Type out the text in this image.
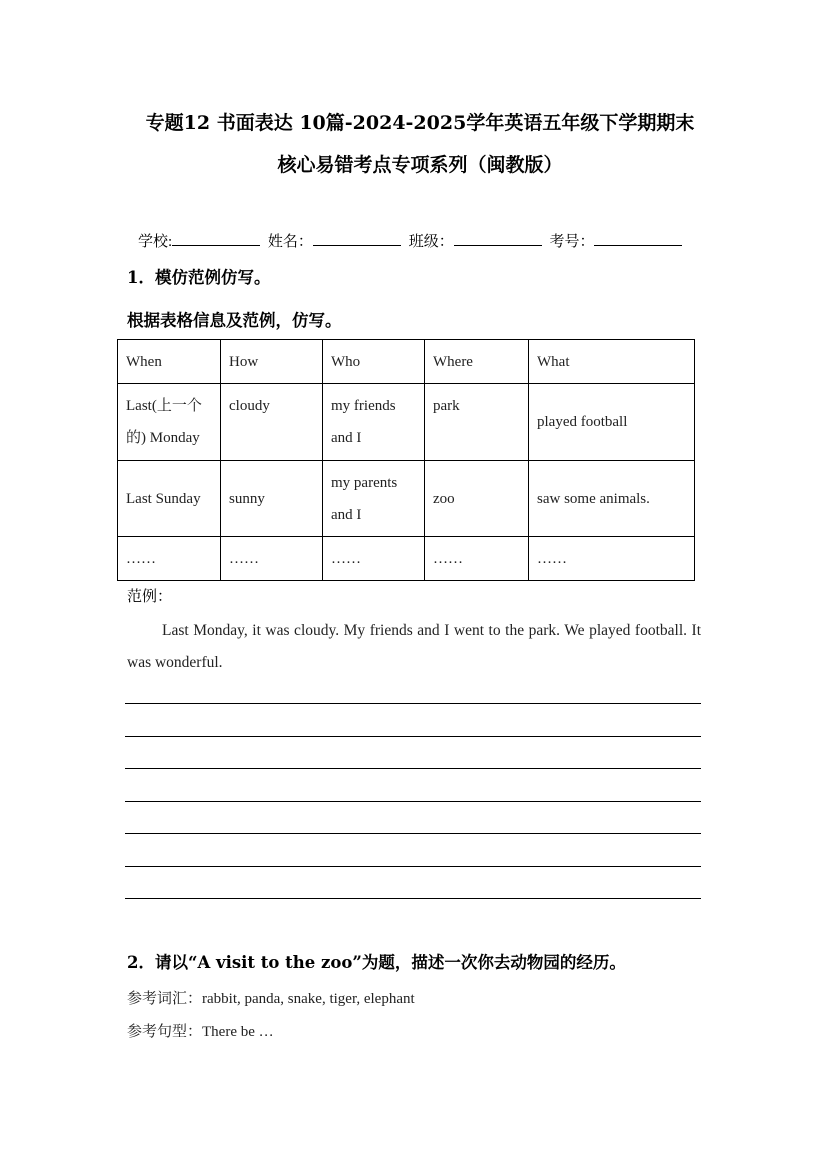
专题12 书面表达 10篇-2024-2025学年英语五年级下学期期末
核心易错考点专项系列（闽教版）
学校:	姓名：	班级：	考号：
1．模仿范例仿写。
根据表格信息及范例，仿写。
When	How	Who	Where	What
Last(上一个的) Monday	cloudy	my friends and I	park	played football
Last Sunday	sunny	my parents and I	zoo	saw some animals.
……	……	……	……	……
范例：
Last Monday, it was cloudy. My friends and I went to the park. We played football. It was wonderful.
2．请以“A visit to the zoo”为题，描述一次你去动物园的经历。
参考词汇：rabbit, panda, snake, tiger, elephant
参考句型：There be …
